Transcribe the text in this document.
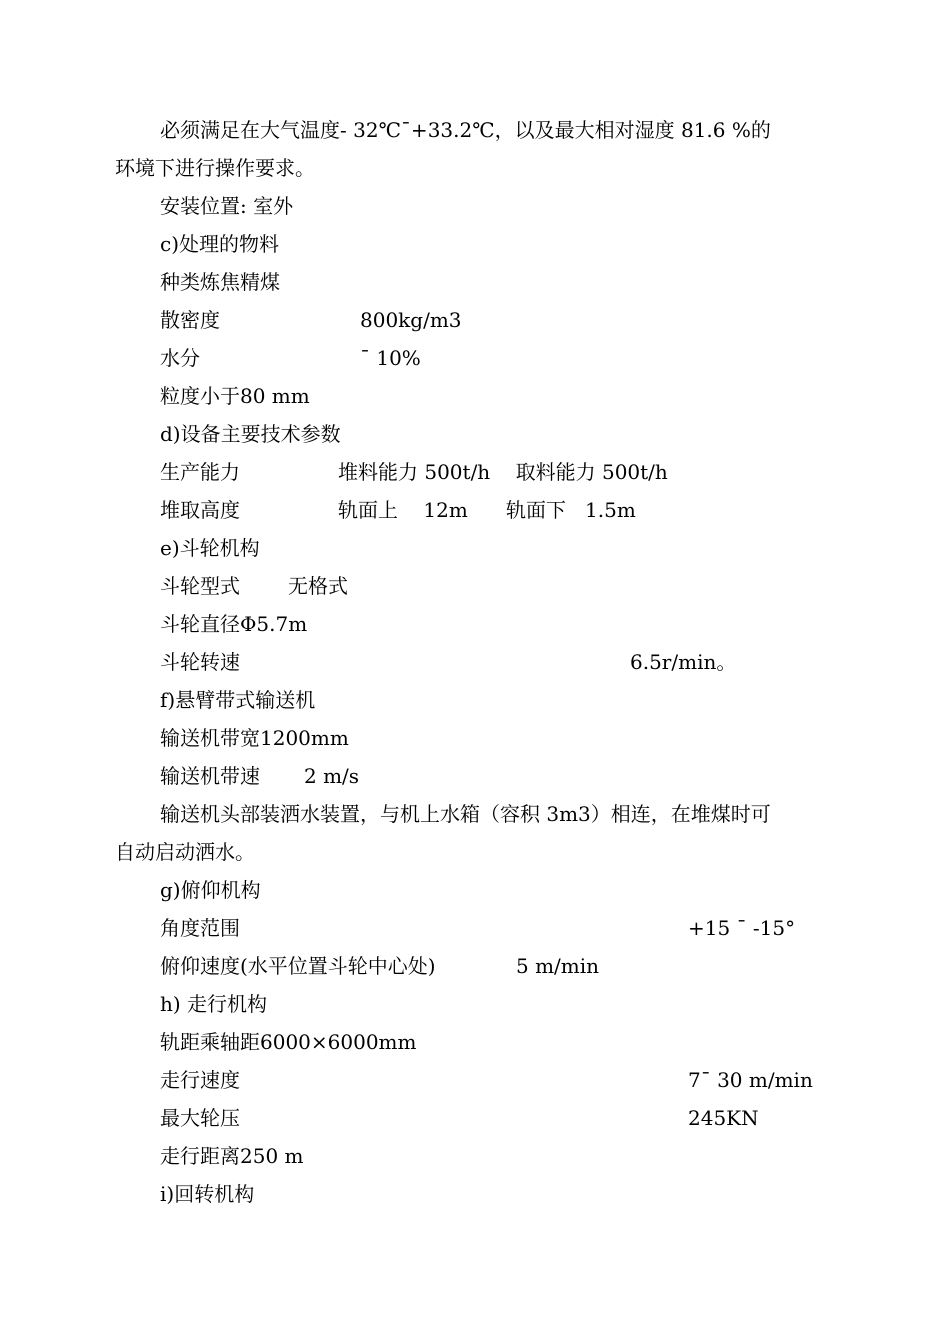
必须满足在大气温度- 32℃¯+33.2℃，以及最大相对湿度 81.6 %的
环境下进行操作要求。
安装位置: 室外
c)处理的物料
种类炼焦精煤
散密度	800kg/m3
水分	¯ 10%
粒度小于80 mm
d)设备主要技术参数
生产能力	堆料能力 500t/h    取料能力 500t/h
堆取高度	轨面上    12m      轨面下   1.5m
e)斗轮机构
斗轮型式 无格式
斗轮直径Φ5.7m
斗轮转速	6.5r/min。
f)悬臂带式输送机
输送机带宽1200mm
输送机带速 2 m/s
输送机头部装洒水装置，与机上水箱（容积 3m3）相连，在堆煤时可
自动启动洒水。
g)俯仰机构
角度范围	+15 ¯ -15°
俯仰速度(水平位置斗轮中心处)	5 m/min
h) 走行机构
轨距乘轴距6000×6000mm
走行速度	7¯ 30 m/min
最大轮压	245KN
走行距离250 m
i)回转机构
